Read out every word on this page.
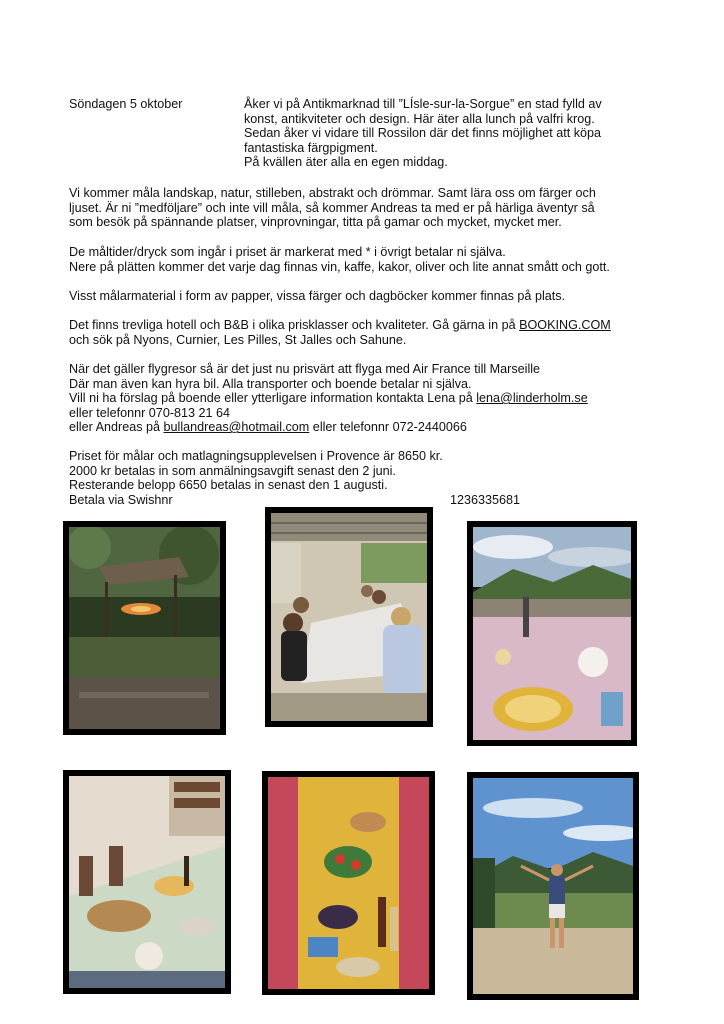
Söndagen 5 oktober	Åker vi på Antikmarknad till ”LÍsle-sur-la-Sorgue” en stad fylld av

konst, antikviteter och design. Här äter alla lunch på valfri krog.

Sedan åker vi vidare till Rossilon där det finns möjlighet att köpa

fantastiska färgpigment.

På kvällen äter alla en egen middag.

Vi kommer måla landskap, natur, stilleben, abstrakt och drömmar. Samt lära oss om färger och

ljuset. Är ni ”medföljare” och inte vill måla, så kommer Andreas ta med er på härliga äventyr så

som besök på spännande platser, vinprovningar, titta på gamar och mycket, mycket mer.

De måltider/dryck som ingår i priset är markerat med * i övrigt betalar ni själva.

Nere på plätten kommer det varje dag finnas vin, kaffe, kakor, oliver och lite annat smått och gott.

Visst målarmaterial i form av papper, vissa färger och dagböcker kommer finnas på plats.

Det finns trevliga hotell och B&B i olika prisklasser och kvaliteter. Gå gärna in på BOOKING.COM

och sök på Nyons, Curnier, Les Pilles, St Jalles och Sahune.

När det gäller flygresor så är det just nu prisvärt att flyga med Air France till Marseille

Där man även kan hyra bil. Alla transporter och boende betalar ni själva.

Vill ni ha förslag på boende eller ytterligare information kontakta Lena på lena@linderholm.se

eller telefonnr 070-813 21 64

eller Andreas på bullandreas@hotmail.com eller telefonnr 072-2440066

Priset för målar och matlagningsupplevelsen i Provence är 8650 kr.

2000 kr betalas in som anmälningsavgift senast den 2 juni.

Resterande belopp 6650 betalas in senast den 1 augusti.

Betala via Swishnr	1236335681
